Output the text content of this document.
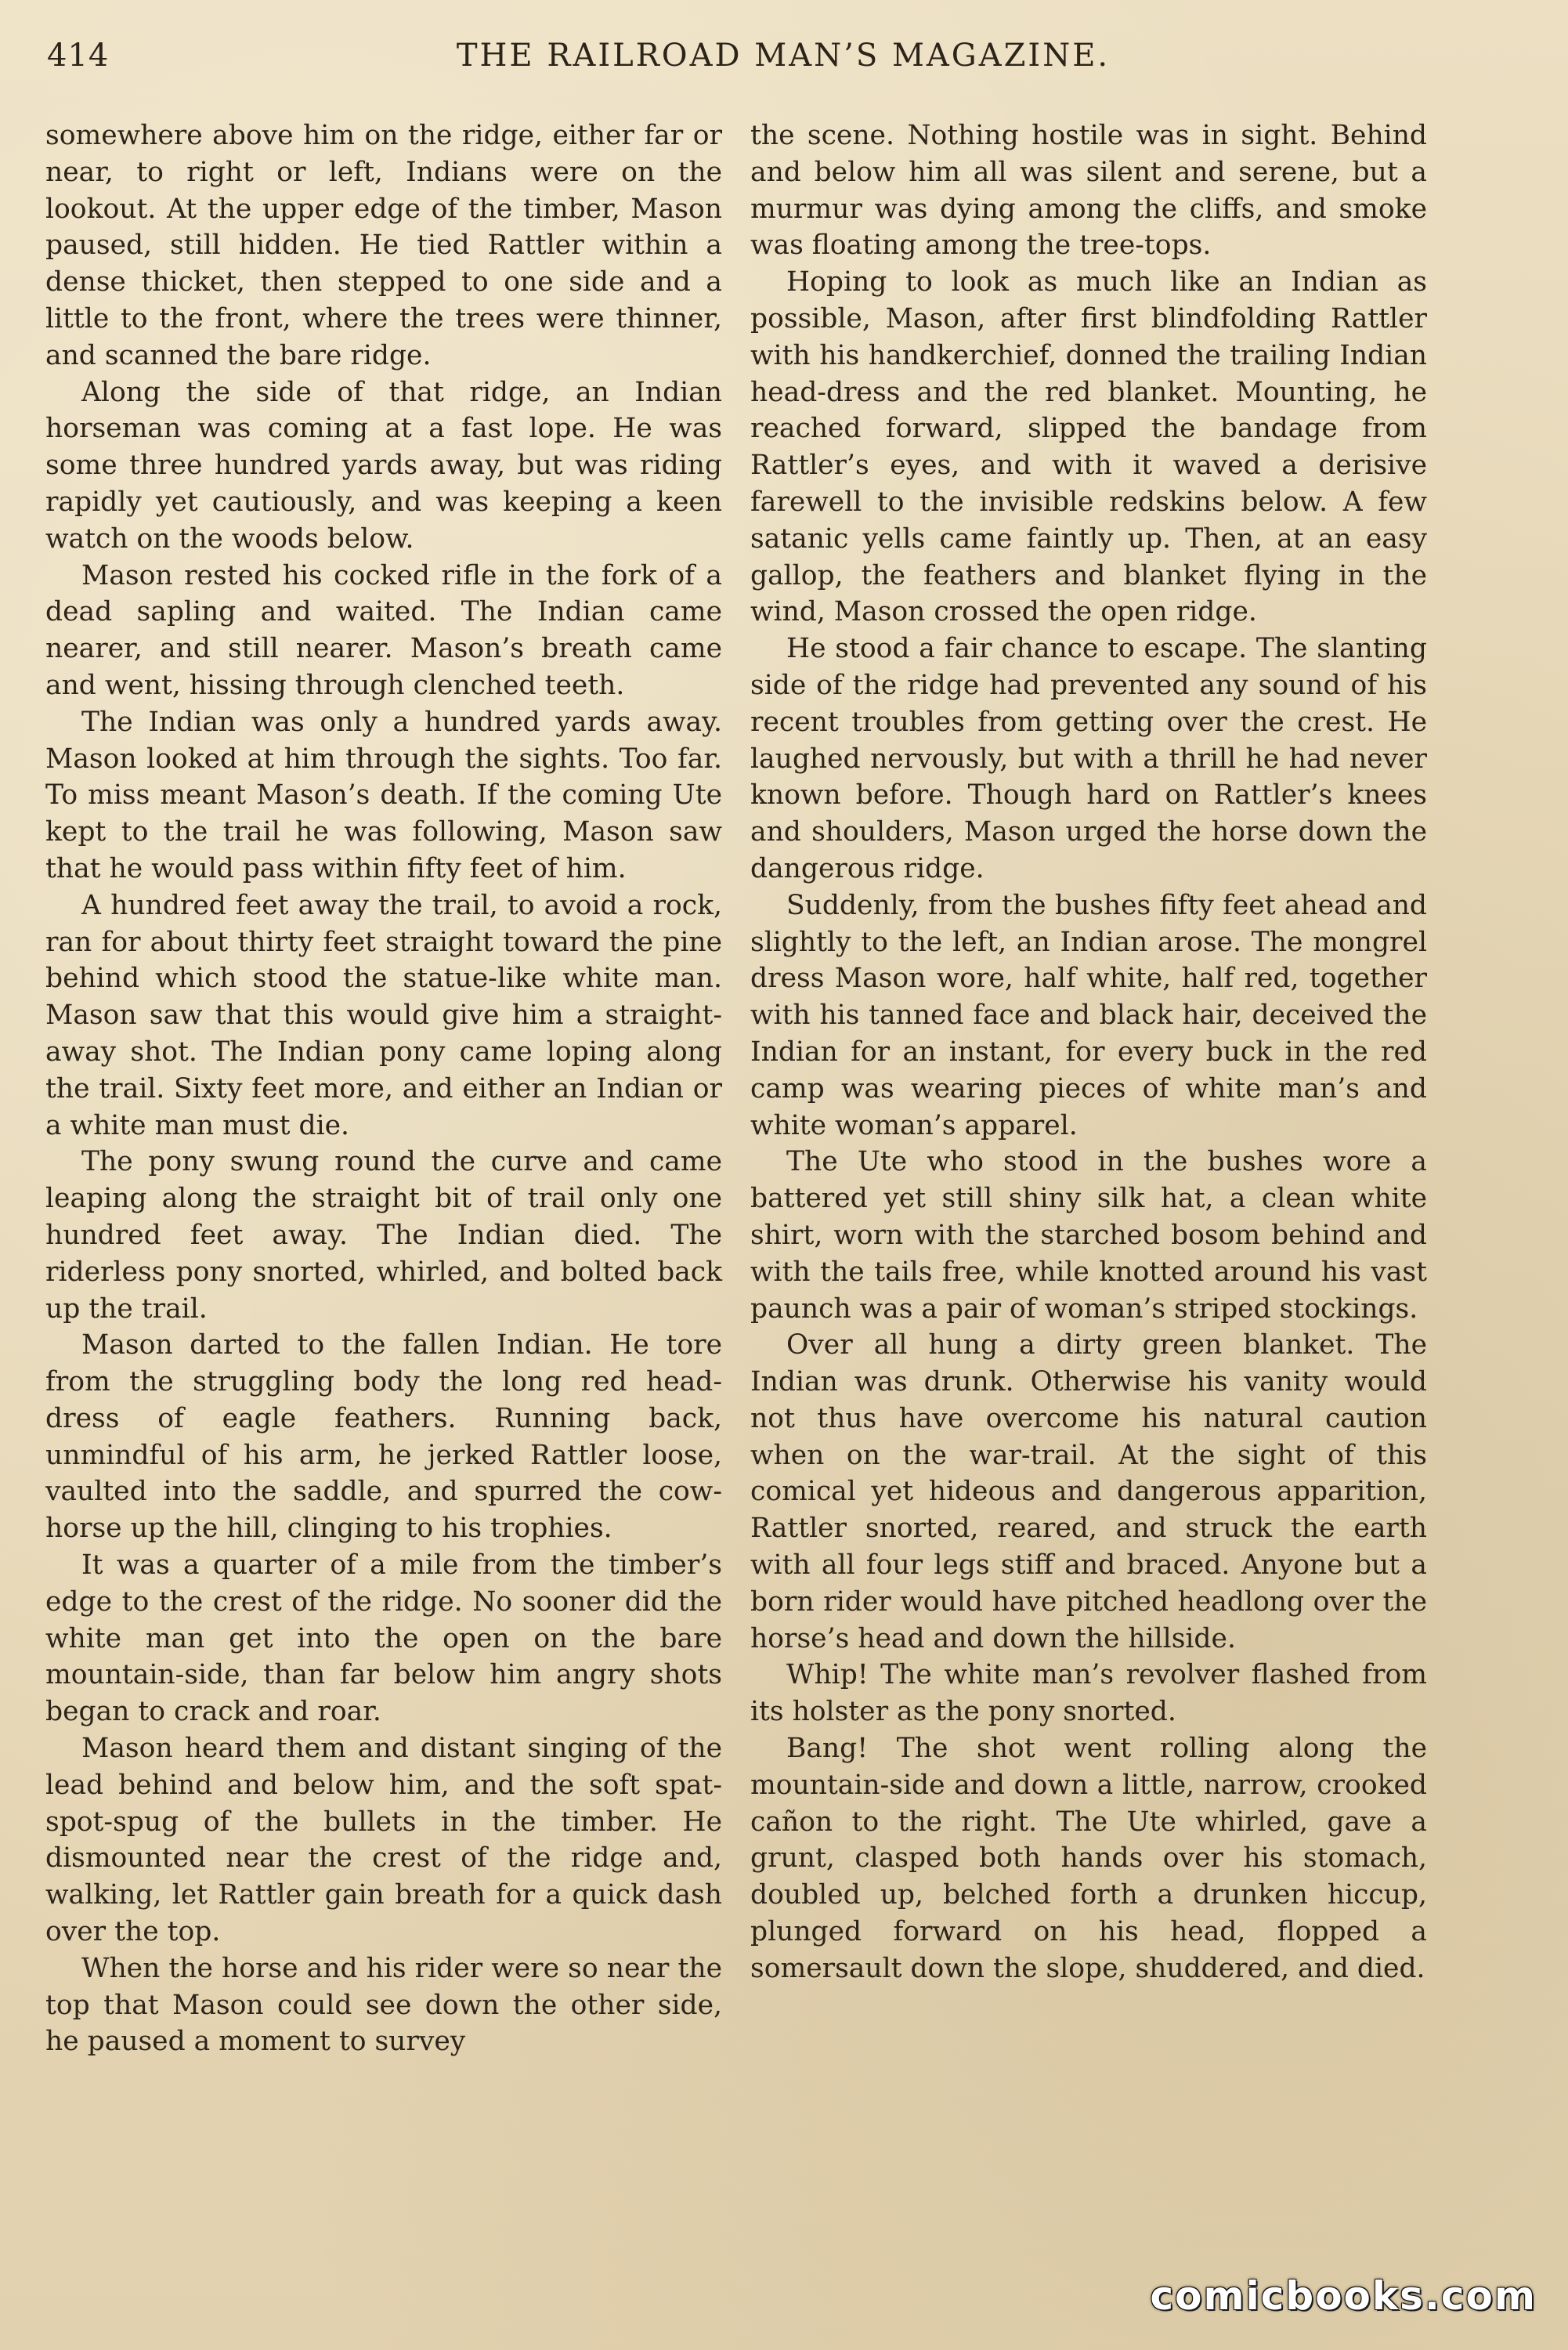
414	THE RAILROAD MAN’S MAGAZINE.

somewhere above him on the ridge, either far or near, to right or left, Indians were on the lookout. At the upper edge of the timber, Mason paused, still hidden. He tied Rattler within a dense thicket, then stepped to one side and a little to the front, where the trees were thinner, and scanned the bare ridge.

Along the side of that ridge, an Indian horseman was coming at a fast lope. He was some three hundred yards away, but was riding rapidly yet cautiously, and was keeping a keen watch on the woods below.

Mason rested his cocked rifle in the fork of a dead sapling and waited. The Indian came nearer, and still nearer. Mason’s breath came and went, hissing through clenched teeth.

The Indian was only a hundred yards away. Mason looked at him through the sights. Too far. To miss meant Mason’s death. If the coming Ute kept to the trail he was following, Mason saw that he would pass within fifty feet of him.

A hundred feet away the trail, to avoid a rock, ran for about thirty feet straight toward the pine behind which stood the statue-like white man. Mason saw that this would give him a straight-away shot. The Indian pony came loping along the trail. Sixty feet more, and either an Indian or a white man must die.

The pony swung round the curve and came leaping along the straight bit of trail only one hundred feet away. The Indian died. The riderless pony snorted, whirled, and bolted back up the trail.

Mason darted to the fallen Indian. He tore from the struggling body the long red head-dress of eagle feathers. Running back, unmindful of his arm, he jerked Rattler loose, vaulted into the saddle, and spurred the cow-horse up the hill, clinging to his trophies.

It was a quarter of a mile from the timber’s edge to the crest of the ridge. No sooner did the white man get into the open on the bare mountain-side, than far below him angry shots began to crack and roar.

Mason heard them and distant singing of the lead behind and below him, and the soft spat-spot-spug of the bullets in the timber. He dismounted near the crest of the ridge and, walking, let Rattler gain breath for a quick dash over the top.

When the horse and his rider were so near the top that Mason could see down the other side, he paused a moment to survey

the scene. Nothing hostile was in sight. Behind and below him all was silent and serene, but a murmur was dying among the cliffs, and smoke was floating among the tree-tops.

Hoping to look as much like an Indian as possible, Mason, after first blindfolding Rattler with his handkerchief, donned the trailing Indian head-dress and the red blanket. Mounting, he reached forward, slipped the bandage from Rattler’s eyes, and with it waved a derisive farewell to the invisible redskins below. A few satanic yells came faintly up. Then, at an easy gallop, the feathers and blanket flying in the wind, Mason crossed the open ridge.

He stood a fair chance to escape. The slanting side of the ridge had prevented any sound of his recent troubles from getting over the crest. He laughed nervously, but with a thrill he had never known before. Though hard on Rattler’s knees and shoulders, Mason urged the horse down the dangerous ridge.

Suddenly, from the bushes fifty feet ahead and slightly to the left, an Indian arose. The mongrel dress Mason wore, half white, half red, together with his tanned face and black hair, deceived the Indian for an instant, for every buck in the red camp was wearing pieces of white man’s and white woman’s apparel.

The Ute who stood in the bushes wore a battered yet still shiny silk hat, a clean white shirt, worn with the starched bosom behind and with the tails free, while knotted around his vast paunch was a pair of woman’s striped stockings.

Over all hung a dirty green blanket. The Indian was drunk. Otherwise his vanity would not thus have overcome his natural caution when on the war-trail. At the sight of this comical yet hideous and dangerous apparition, Rattler snorted, reared, and struck the earth with all four legs stiff and braced. Anyone but a born rider would have pitched headlong over the horse’s head and down the hillside.

Whip! The white man’s revolver flashed from its holster as the pony snorted.

Bang! The shot went rolling along the mountain-side and down a little, narrow, crooked cañon to the right. The Ute whirled, gave a grunt, clasped both hands over his stomach, doubled up, belched forth a drunken hiccup, plunged forward on his head, flopped a somersault down the slope, shuddered, and died.

comicbooks.com
